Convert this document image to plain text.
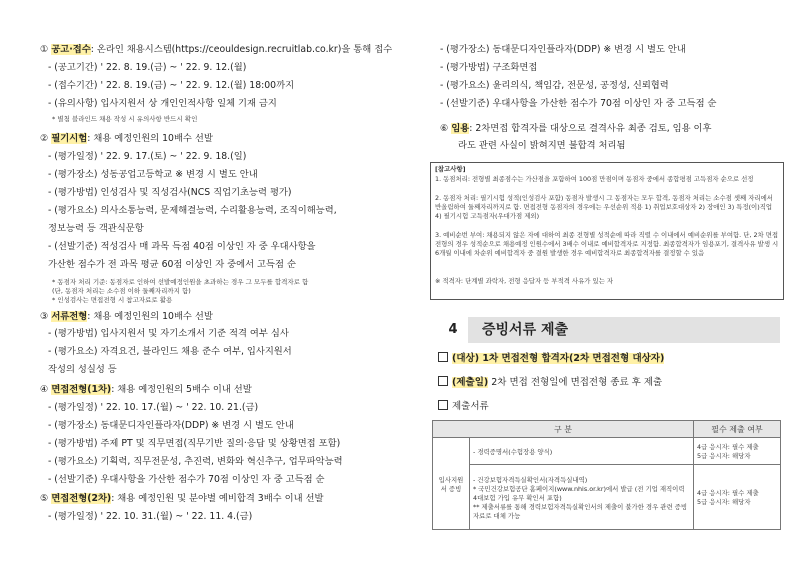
① 공고·접수: 온라인 채용시스템(https://ceouldesign.recruitlab.co.kr)을 통해 접수
- (공고기간) ' 22. 8. 19.(금) ~ ' 22. 9. 12.(월)
- (접수기간) ' 22. 8. 19.(금) ~ ' 22. 9. 12.(월) 18:00까지
- (유의사항) 입사지원서 상 개인인적사항 일체 기재 금지
* 별첨 블라인드 채용 작성 시 유의사항 반드시 확인
② 필기시험: 채용 예정인원의 10배수 선발
- (평가일정) ' 22. 9. 17.(토) ~ ' 22. 9. 18.(일)
- (평가장소) 성동공업고등학교 ※ 변경 시 별도 안내
- (평가방법) 인성검사 및 직성검사(NCS 직업기초능력 평가)
- (평가요소) 의사소통능력, 문제해결능력, 수리활용능력, 조직이해능력,
정보능력 등 객관식문항
- (선발기준) 적성검사 매 과목 득점 40점 이상인 자 중 우대사항을
가산한 점수가 전 과목 평균 60점 이상인 자 중에서 고득점 순
* 동점자 처리 기준: 동점자로 인하여 선발예정인원을 초과하는 경우 그 모두를 합격자로 함
(단, 동점자 처리는 소수점 이하 둘째자리까지 함)
* 인성검사는 면접전형 시 참고자료로 활용
③ 서류전형: 채용 예정인원의 10배수 선발
- (평가방법) 입사지원서 및 자기소개서 기준 적격 여부 심사
- (평가요소) 자격요건, 블라인드 채용 준수 여부, 입사지원서
작성의 성실성 등
④ 면접전형(1차): 채용 예정인원의 5배수 이내 선발
- (평가일정) ' 22. 10. 17.(월) ~ ' 22. 10. 21.(금)
- (평가장소) 동대문디자인플라자(DDP) ※ 변경 시 별도 안내
- (평가방법) 주제 PT 및 직무면접(직무기반 질의·응답 및 상황면접 포함)
- (평가요소) 기획력, 직무전문성, 추진력, 변화와 혁신추구, 업무파악능력
- (선발기준) 우대사항을 가산한 점수가 70점 이상인 자 중 고득점 순
⑤ 면접전형(2차): 채용 예정인원 및 분야별 예비합격 3배수 이내 선발
- (평가일정) ' 22. 10. 31.(월) ~ ' 22. 11. 4.(금)
- (평가장소) 동대문디자인플라자(DDP) ※ 변경 시 별도 안내
- (평가방법) 구조화면접
- (평가요소) 윤리의식, 책임감, 전문성, 공정성, 신뢰협력
- (선발기준) 우대사항을 가산한 점수가 70점 이상인 자 중 고득점 순
⑥ 임용: 2차면접 합격자를 대상으로 결격사유 최종 검토, 임용 이후
라도 관련 사실이 밝혀지면 불합격 처리됨
[참고사항]
1. 동점처리: 전형별 최종점수는 가산점을 포함하여 100점 만점이며 동점자 중에서 종합평점 고득점자 순으로 선정
2. 동점자 처리: 필기시험 성적(인성검사 포함) 동점자 발생시 그 동점자는 모두 합격, 동점자 처리는 소수점 셋째 자리에서 반올림하여 둘째자리까지로 함. 면접전형 동점자의 경우에는 우선순위 적용 1) 취업보호대상자 2) 장애인 3) 특정(이)직업 4) 필기시험 고득점자(우대가점 제외)
3. 예비순번 부여: 채용되지 않은 자에 대하여 최종 전형별 성적순에 따라 직렬 수 이내에서 예비순위를 부여함. 단, 2차 면접전형의 경우 성적순으로 채용예정 인원수에서 3배수 이내로 예비합격자로 지정함. 최종합격자가 임용포기, 결격사유 발생 시 6개월 이내에 차순위 예비합격자 중 결원 발생한 경우 예비합격자로 최종합격자를 결정할 수 있음
※ 적격자: 단계별 과락자, 전형 응답자 등 부적격 사유가 있는 자
4	증빙서류 제출
(대상) 1차 면접전형 합격자(2차 면접전형 대상자)
(제출일) 2차 면접 전형일에 면접전형 종료 후 제출
제출서류
구 분		필수 제출 여부
입사지원서 증빙	- 경력증명서(수험장용 양식)	4급 응시자: 필수 제출
5급 응시자: 해당자
	- 건강보험자격득실확인서(자격득실내역)
* 국민건강보험공단 홈페이지(www.nhis.or.kr)에서 발급 (전 기업 재직이력 4대보험 가입 유무 확인서 포함)
** 제출서류를 통해 경력보험자격득실확인서의 제출이 불가한 경우 관련 증빙자료로 대체 가능	4급 응시자: 필수 제출
5급 응시자: 해당자
